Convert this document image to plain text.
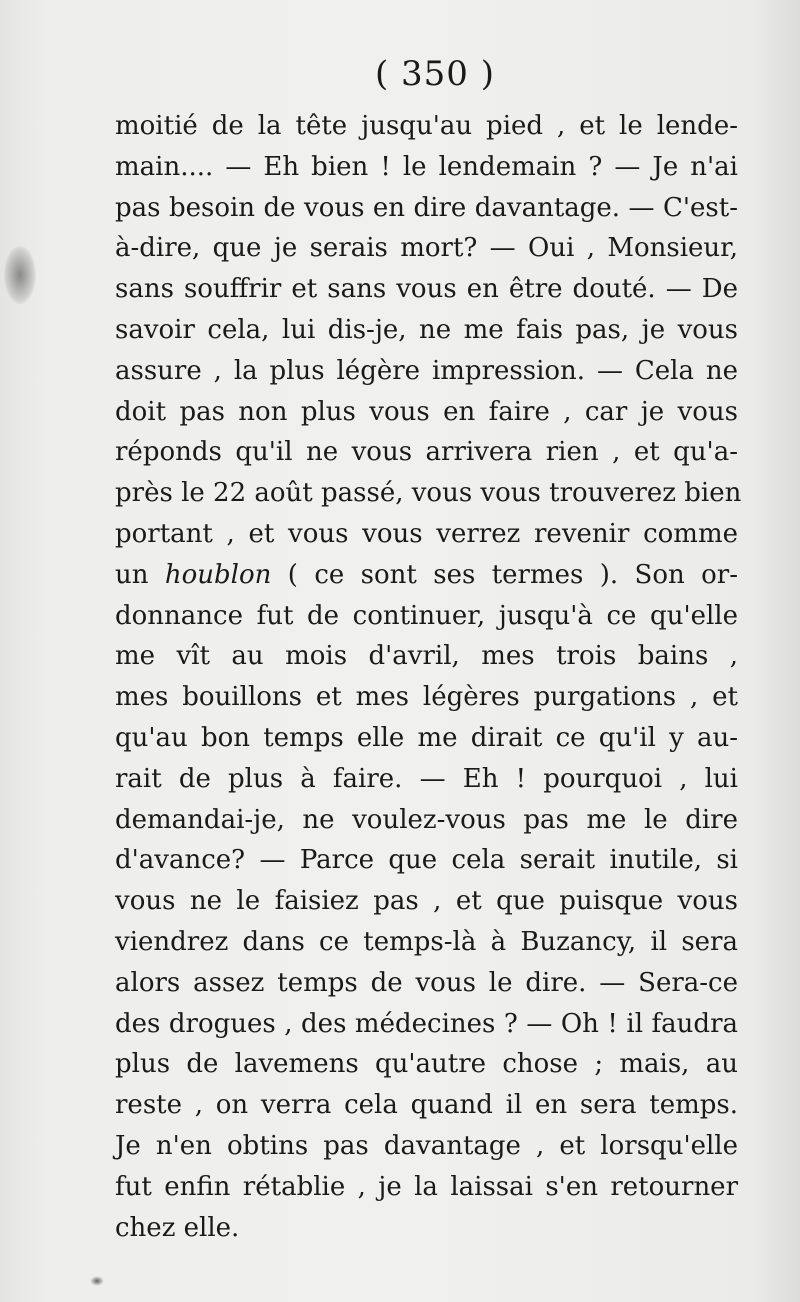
( 350 )
moitié de la tête jusqu'au pied , et le lende-
main.... — Eh bien ! le lendemain ? — Je n'ai
pas besoin de vous en dire davantage. — C'est-
à-dire, que je serais mort? — Oui , Monsieur,
sans souffrir et sans vous en être douté. — De
savoir cela, lui dis-je, ne me fais pas, je vous
assure , la plus légère impression. — Cela ne
doit pas non plus vous en faire , car je vous
réponds qu'il ne vous arrivera rien , et qu'a-
près le 22 août passé, vous vous trouverez bien
portant , et vous vous verrez revenir comme
un houblon ( ce sont ses termes ). Son or-
donnance fut de continuer, jusqu'à ce qu'elle
me vît au mois d'avril, mes trois bains ,
mes bouillons et mes légères purgations , et
qu'au bon temps elle me dirait ce qu'il y au-
rait de plus à faire. — Eh ! pourquoi , lui
demandai-je, ne voulez-vous pas me le dire
d'avance? — Parce que cela serait inutile, si
vous ne le faisiez pas , et que puisque vous
viendrez dans ce temps-là à Buzancy, il sera
alors assez temps de vous le dire. — Sera-ce
des drogues , des médecines ? — Oh ! il faudra
plus de lavemens qu'autre chose ; mais, au
reste , on verra cela quand il en sera temps.
Je n'en obtins pas davantage , et lorsqu'elle
fut enfin rétablie , je la laissai s'en retourner
chez elle.
